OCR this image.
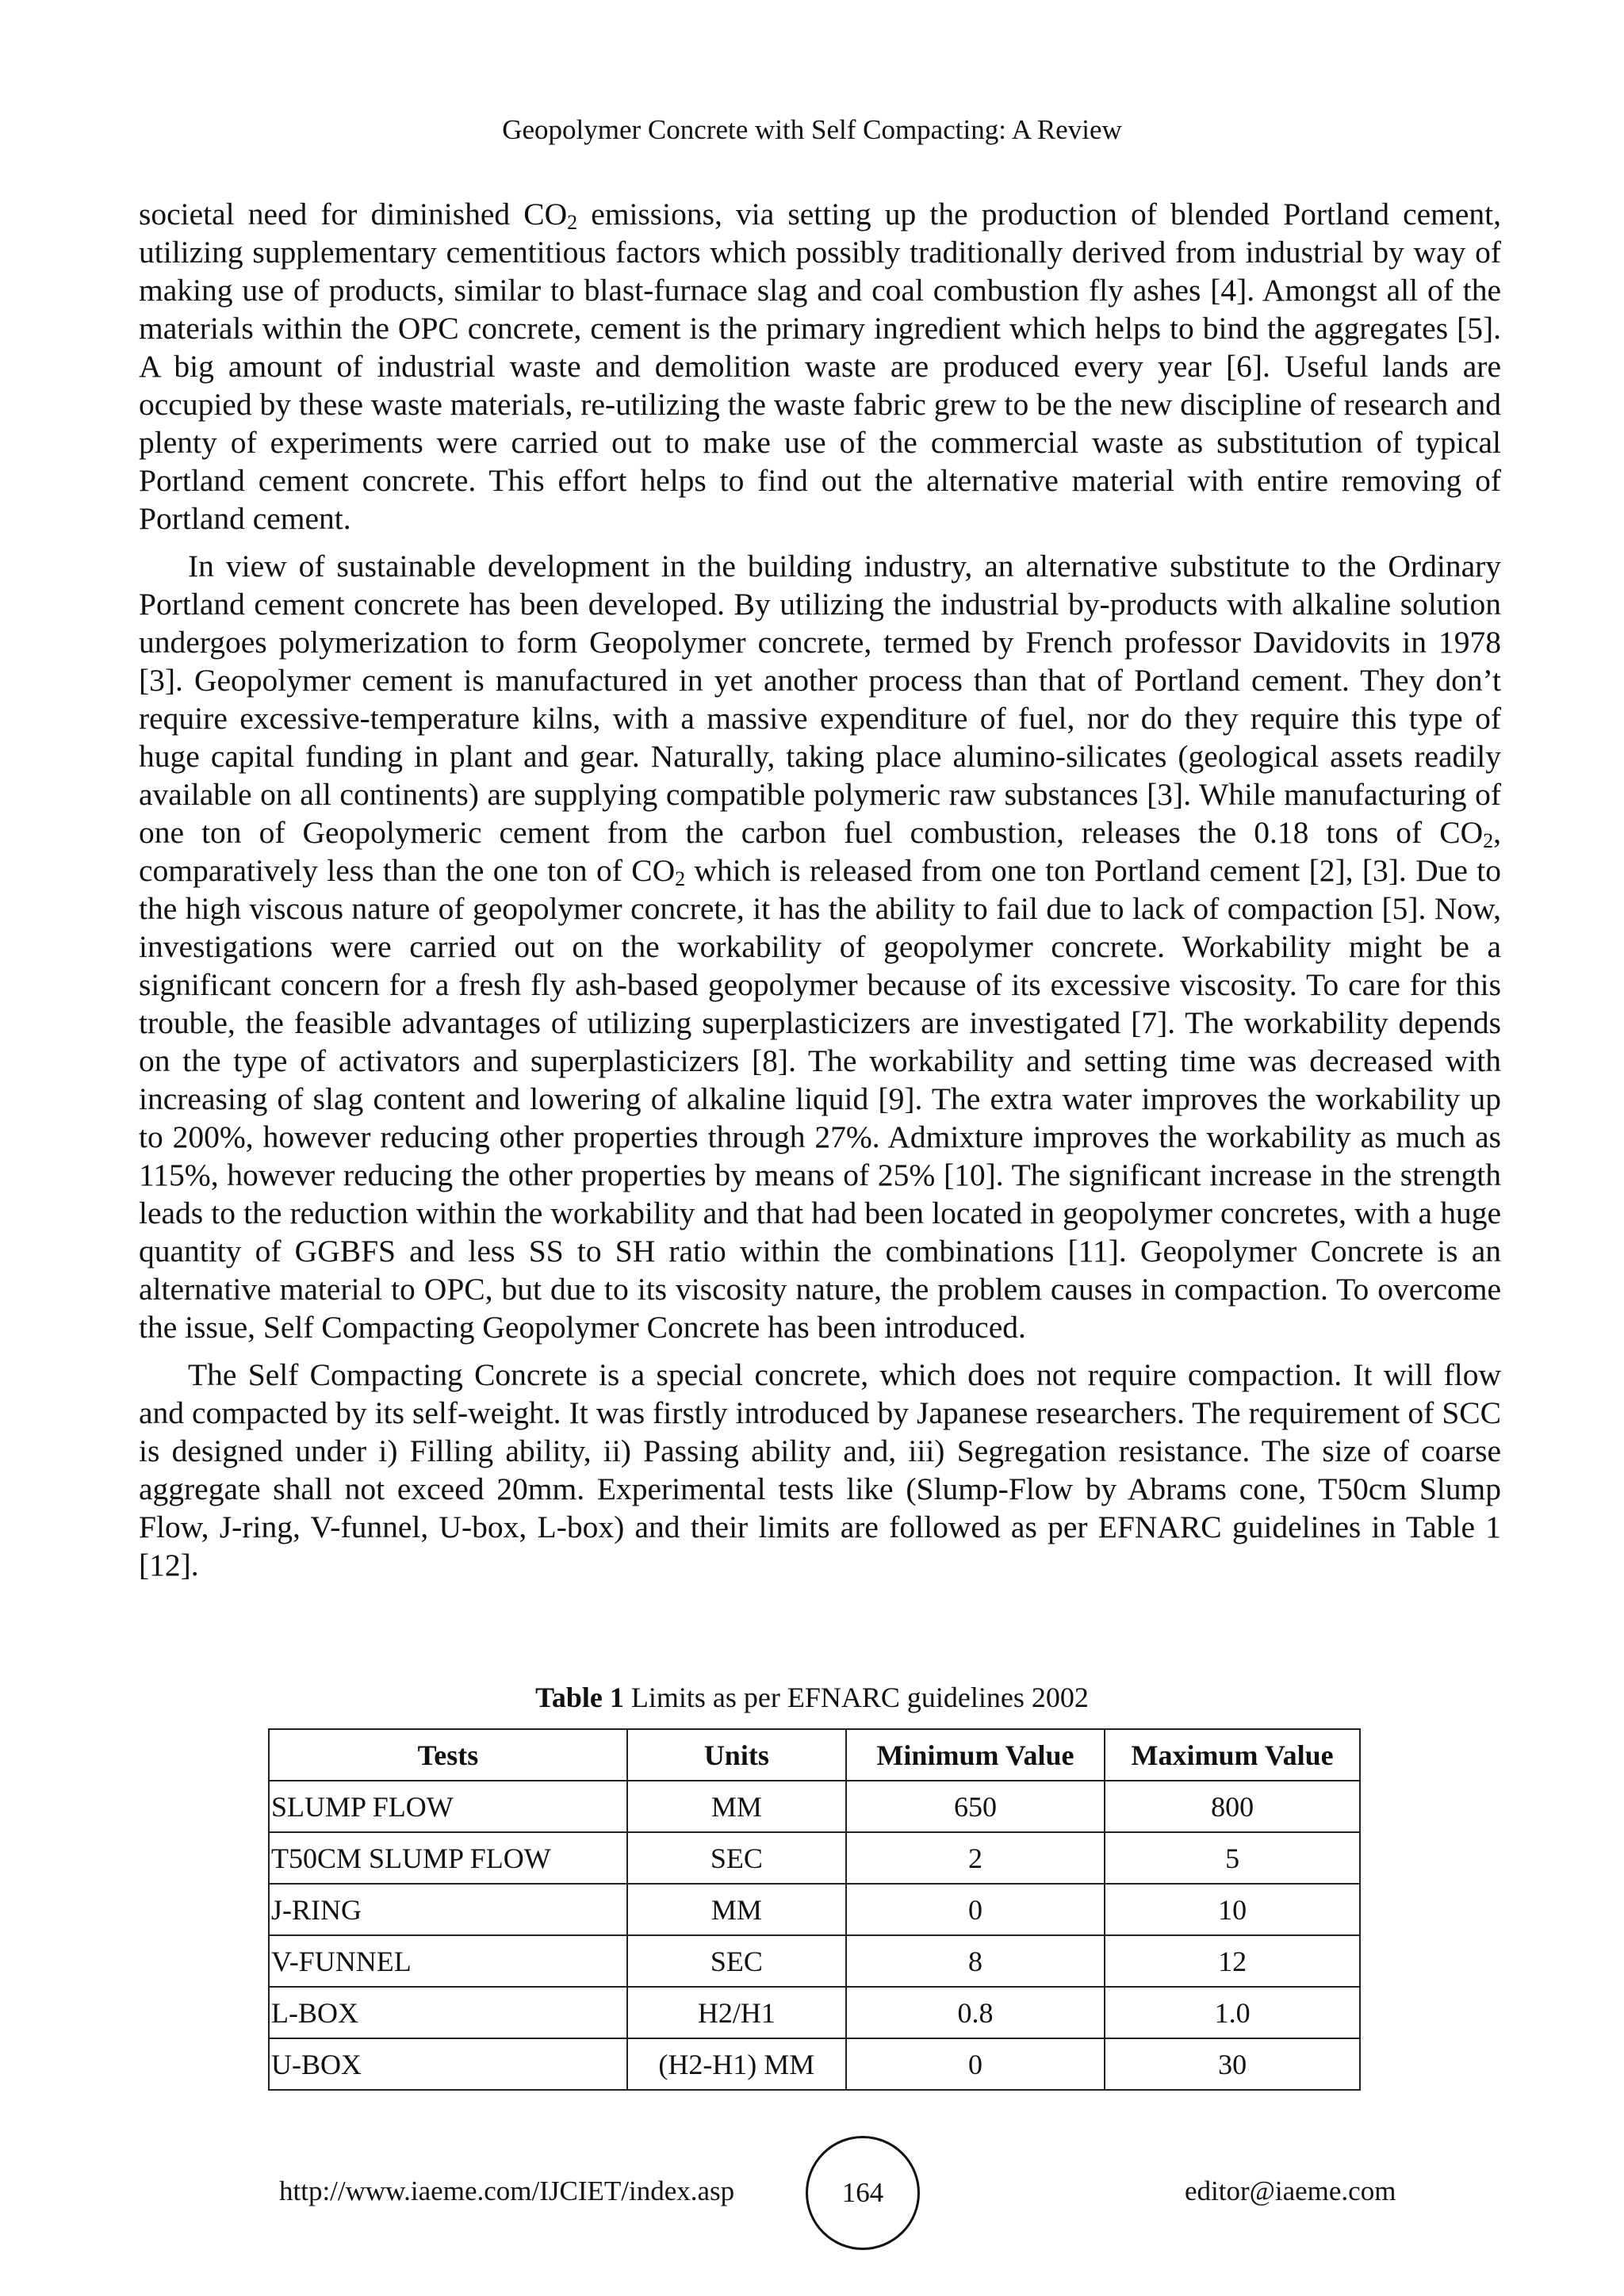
Geopolymer Concrete with Self Compacting: A Review

societal need for diminished $CO_2$ emissions, via setting up the production of blended Portland cement, utilizing supplementary cementitious factors which possibly traditionally derived from industrial by way of making use of products, similar to blast-furnace slag and coal combustion fly ashes [4]. Amongst all of the materials within the OPC concrete, cement is the primary ingredient which helps to bind the aggregates [5]. A big amount of industrial waste and demolition waste are produced every year [6]. Useful lands are occupied by these waste materials, re-utilizing the waste fabric grew to be the new discipline of research and plenty of experiments were carried out to make use of the commercial waste as substitution of typical Portland cement concrete. This effort helps to find out the alternative material with entire removing of Portland cement.

In view of sustainable development in the building industry, an alternative substitute to the Ordinary Portland cement concrete has been developed. By utilizing the industrial by-products with alkaline solution undergoes polymerization to form Geopolymer concrete, termed by French professor Davidovits in 1978 [3]. Geopolymer cement is manufactured in yet another process than that of Portland cement. They don’t require excessive-temperature kilns, with a massive expenditure of fuel, nor do they require this type of huge capital funding in plant and gear. Naturally, taking place alumino-silicates (geological assets readily available on all continents) are supplying compatible polymeric raw substances [3]. While manufacturing of one ton of Geopolymeric cement from the carbon fuel combustion, releases the 0.18 tons of $CO_2$, comparatively less than the one ton of $CO_2$ which is released from one ton Portland cement [2], [3]. Due to the high viscous nature of geopolymer concrete, it has the ability to fail due to lack of compaction [5]. Now, investigations were carried out on the workability of geopolymer concrete. Workability might be a significant concern for a fresh fly ash-based geopolymer because of its excessive viscosity. To care for this trouble, the feasible advantages of utilizing superplasticizers are investigated [7]. The workability depends on the type of activators and superplasticizers [8]. The workability and setting time was decreased with increasing of slag content and lowering of alkaline liquid [9]. The extra water improves the workability up to 200%, however reducing other properties through 27%. Admixture improves the workability as much as 115%, however reducing the other properties by means of 25% [10]. The significant increase in the strength leads to the reduction within the workability and that had been located in geopolymer concretes, with a huge quantity of GGBFS and less SS to SH ratio within the combinations [11]. Geopolymer Concrete is an alternative material to OPC, but due to its viscosity nature, the problem causes in compaction. To overcome the issue, Self Compacting Geopolymer Concrete has been introduced.

The Self Compacting Concrete is a special concrete, which does not require compaction. It will flow and compacted by its self-weight. It was firstly introduced by Japanese researchers. The requirement of SCC is designed under i) Filling ability, ii) Passing ability and, iii) Segregation resistance. The size of coarse aggregate shall not exceed 20mm. Experimental tests like (Slump-Flow by Abrams cone, T50cm Slump Flow, J-ring, V-funnel, U-box, L-box) and their limits are followed as per EFNARC guidelines in Table 1 [12].

Table 1 Limits as per EFNARC guidelines 2002
Tests	Units	Minimum Value	Maximum Value
SLUMP FLOW	MM	650	800
T50CM SLUMP FLOW	SEC	2	5
J-RING	MM	0	10
V-FUNNEL	SEC	8	12
L-BOX	H2/H1	0.8	1.0
U-BOX	(H2-H1) MM	0	30
http://www.iaeme.com/IJCIET/index.asp	164	editor@iaeme.com
